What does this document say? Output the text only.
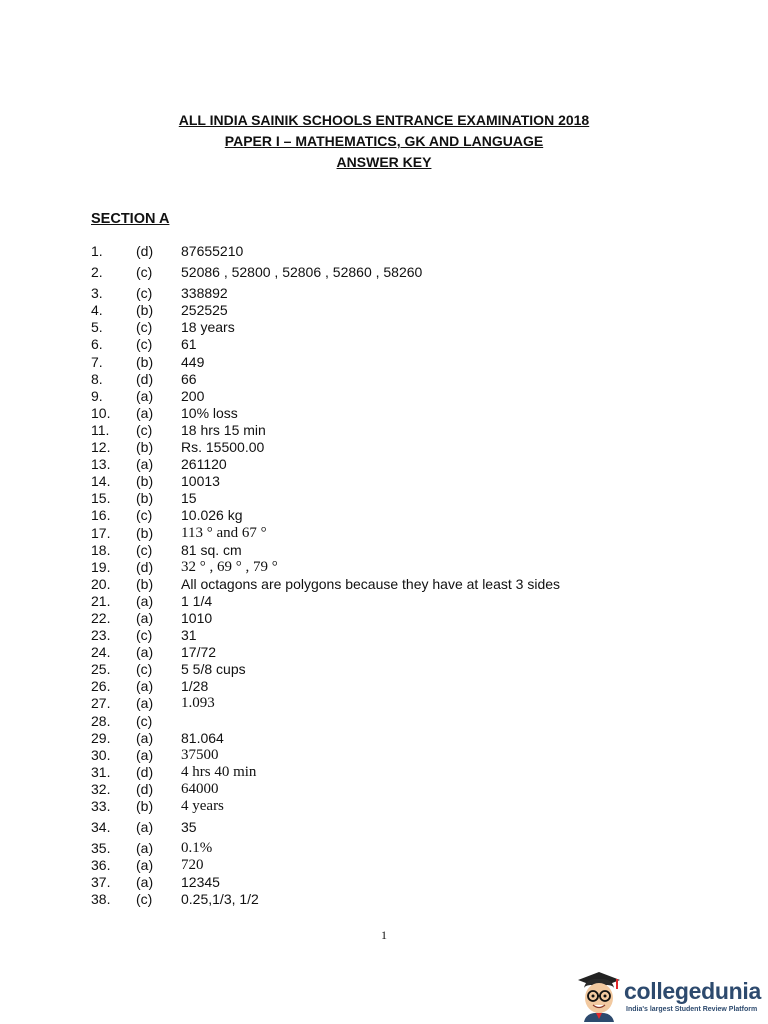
ALL INDIA SAINIK SCHOOLS ENTRANCE EXAMINATION 2018

PAPER I – MATHEMATICS, GK AND LANGUAGE

ANSWER KEY

SECTION A

1. (d) 87655210
2. (c) 52086 , 52800 , 52806 , 52860 , 58260
3. (c) 338892
4. (b) 252525
5. (c) 18 years
6. (c) 61
7. (b) 449
8. (d) 66
9. (a) 200
10. (a) 10% loss
11. (c) 18 hrs 15 min
12. (b) Rs. 15500.00
13. (a) 261120
14. (b) 10013
15. (b) 15
16. (c) 10.026 kg
17. (b) 113 ° and 67 °
18. (c) 81 sq. cm
19. (d) 32 ° , 69 ° , 79 °
20. (b) All octagons are polygons because they have at least 3 sides
21. (a) 1 1/4
22. (a) 1010
23. (c) 31
24. (a) 17/72
25. (c) 5 5/8 cups
26. (a) 1/28
27. (a) 1.093
28. (c)
29. (a) 81.064
30. (a) 37500
31. (d) 4 hrs 40 min
32. (d) 64000
33. (b) 4 years
34. (a) 35
35. (a) 0.1%
36. (a) 720
37. (a) 12345
38. (c) 0.25,1/3, 1/2
1
collegedunia
India's largest Student Review Platform
